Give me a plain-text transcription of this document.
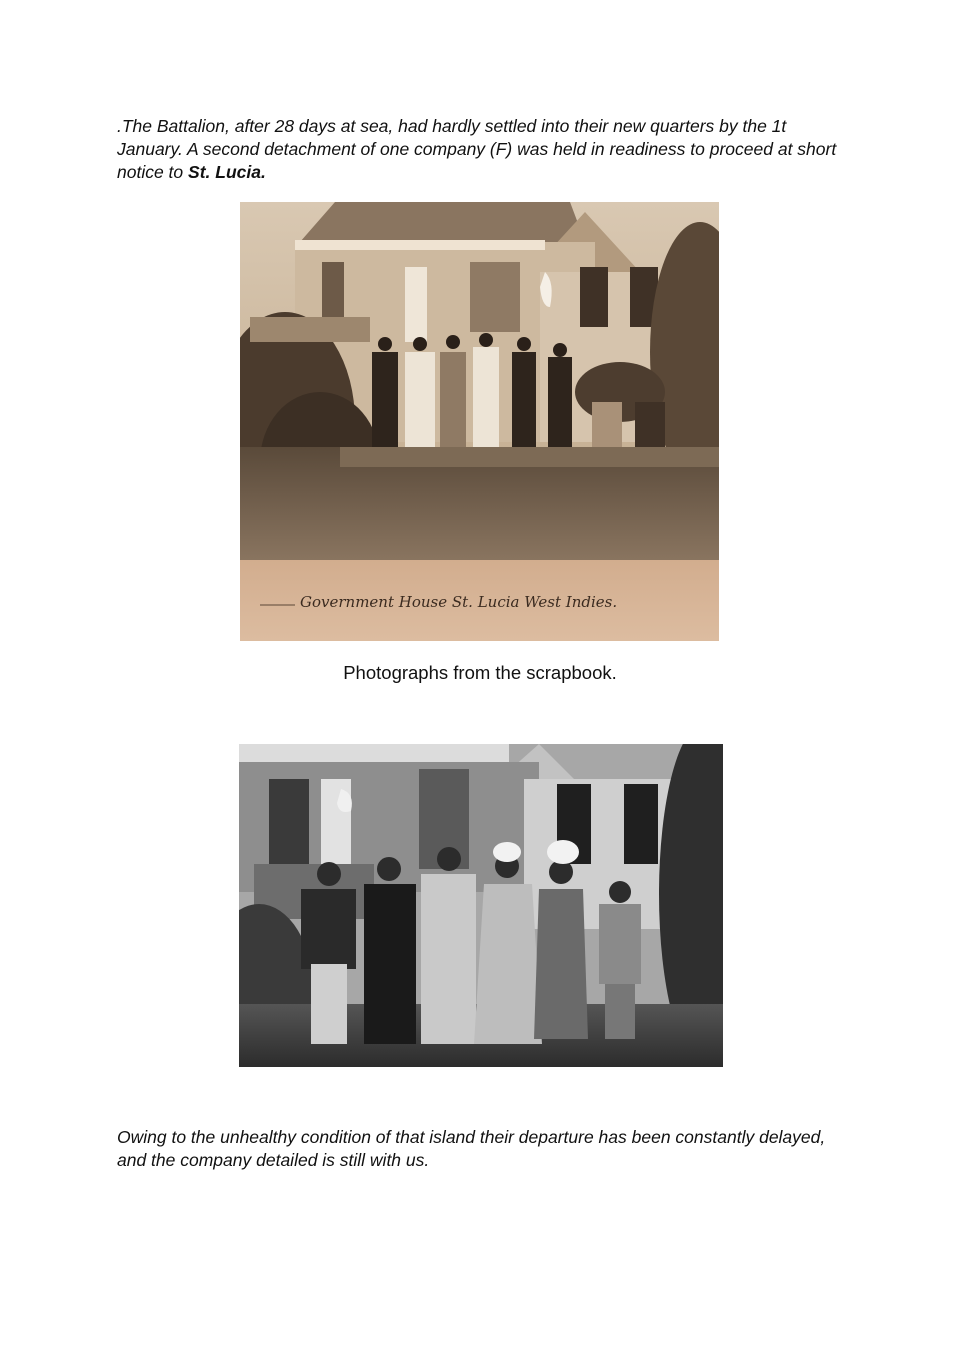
.The Battalion, after 28 days at sea, had hardly settled into their new quarters by the 1t January. A second detachment of one company (F) was held in readiness to proceed at short notice to St. Lucia.

Government House St. Lucia West Indies.

Photographs from the scrapbook.

Owing to the unhealthy condition of that island their departure has been constantly delayed, and the company detailed is still with us.
